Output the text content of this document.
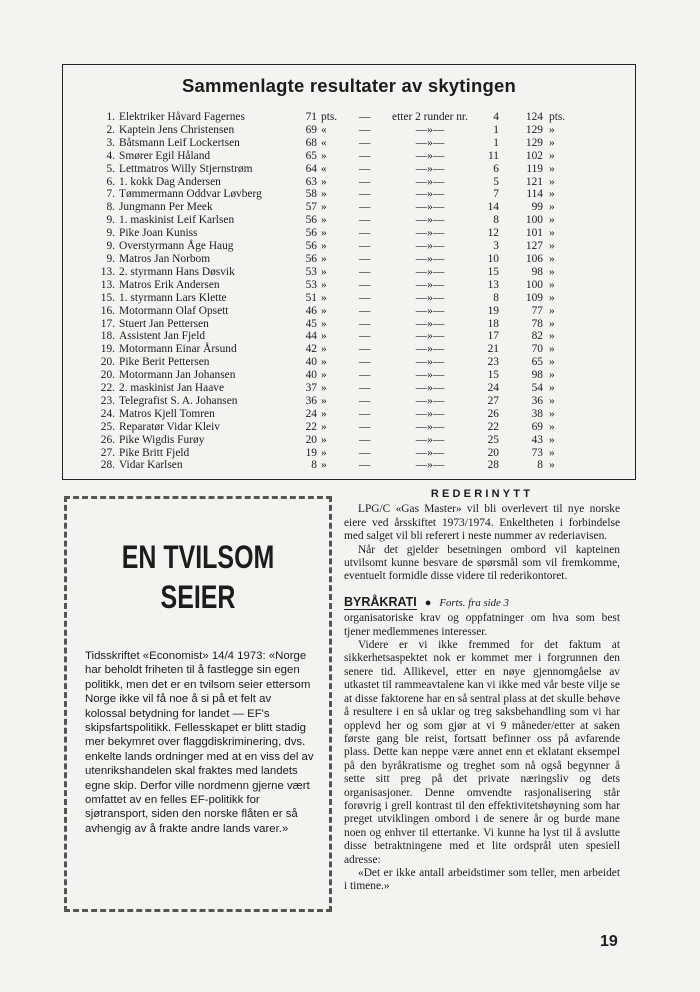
Sammenlagte resultater av skytingen
1.	Elektriker Håvard Fagernes	71	pts.	—	etter 2 runder nr.	4	124	pts.
2.	Kaptein Jens Christensen	69	«	—	—»—	1	129	»
3.	Båtsmann Leif Lockertsen	68	«	—	—»—	1	129	»
4.	Smører Egil Håland	65	»	—	—»—	11	102	»
5.	Lettmatros Willy Stjernstrøm	64	«	—	—»—	6	119	»
6.	1. kokk Dag Andersen	63	»	—	—»—	5	121	»
7.	Tømmermann Oddvar Løvberg	58	»	—	—»—	7	114	»
8.	Jungmann Per Meek	57	»	—	—»—	14	99	»
9.	1. maskinist Leif Karlsen	56	»	—	—»—	8	100	»
9.	Pike Joan Kuniss	56	»	—	—»—	12	101	»
9.	Overstyrmann Åge Haug	56	»	—	—»—	3	127	»
9.	Matros Jan Norbom	56	»	—	—»—	10	106	»
13.	2. styrmann Hans Døsvik	53	»	—	—»—	15	98	»
13.	Matros Erik Andersen	53	»	—	—»—	13	100	»
15.	1. styrmann Lars Klette	51	»	—	—»—	8	109	»
16.	Motormann Olaf Opsett	46	»	—	—»—	19	77	»
17.	Stuert Jan Pettersen	45	»	—	—»—	18	78	»
18.	Assistent Jan Fjeld	44	»	—	—»—	17	82	»
19.	Motormann Einar Årsund	42	»	—	—»—	21	70	»
20.	Pike Berit Pettersen	40	»	—	—»—	23	65	»
20.	Motormann Jan Johansen	40	»	—	—»—	15	98	»
22.	2. maskinist Jan Haave	37	»	—	—»—	24	54	»
23.	Telegrafist S. A. Johansen	36	»	—	—»—	27	36	»
24.	Matros Kjell Tomren	24	»	—	—»—	26	38	»
25.	Reparatør Vidar Kleiv	22	»	—	—»—	22	69	»
26.	Pike Wigdis Furøy	20	»	—	—»—	25	43	»
27.	Pike Britt Fjeld	19	»	—	—»—	20	73	»
28.	Vidar Karlsen	8	»	—	—»—	28	8	»
EN TVILSOM
SEIER

Tidsskriftet «Economist» 14/4 1973: «Norge har beholdt friheten til å fastlegge sin egen politikk, men det er en tvilsom seier ettersom Norge ikke vil få noe å si på et felt av kolossal betydning for landet — EF's skipsfartspolitikk. Fellesskapet er blitt stadig mer bekymret over flaggdiskriminering, dvs. enkelte lands ordninger med at en viss del av utenrikshandelen skal fraktes med landets egne skip. Derfor ville nordmenn gjerne vært omfattet av en felles EF-politikk for sjøtransport, siden den norske flåten er så avhengig av å frakte andre lands varer.»

REDERINYTT

LPG/C «Gas Master» vil bli overlevert til nye norske eiere ved årsskiftet 1973/1974. Enkeltheten i forbindelse med salget vil bli referert i neste nummer av rederiavisen.

Når det gjelder besetningen ombord vil kapteinen utvilsomt kunne besvare de spørsmål som vil fremkomme, eventuelt formidle disse videre til rederikontoret.

BYRÅKRATI ● Forts. fra side 3

organisatoriske krav og oppfatninger om hva som best tjener medlemmenes interesser.

Videre er vi ikke fremmed for det faktum at sikkerhetsaspektet nok er kommet mer i forgrunnen den senere tid. Allikevel, etter en nøye gjennomgåelse av utkastet til rammeavtalene kan vi ikke med vår beste vilje se at disse faktorene har en så sentral plass at det skulle behøve å resultere i en så uklar og treg saksbehandling som vi har opplevd her og som gjør at vi 9 måneder/etter at saken første gang ble reist, fortsatt befinner oss på avfarende plass. Dette kan neppe være annet enn et eklatant eksempel på den byråkratisme og treghet som nå også begynner å sette sitt preg på det private næringsliv og dets organisasjoner. Denne omvendte rasjonalisering står forøvrig i grell kontrast til den effektivitetshøyning som har preget utviklingen ombord i de senere år og burde mane noen og enhver til ettertanke. Vi kunne ha lyst til å avslutte disse betraktningene med et lite ordsprål uten spesiell adresse:

«Det er ikke antall arbeidstimer som teller, men arbeidet i timene.»

19
